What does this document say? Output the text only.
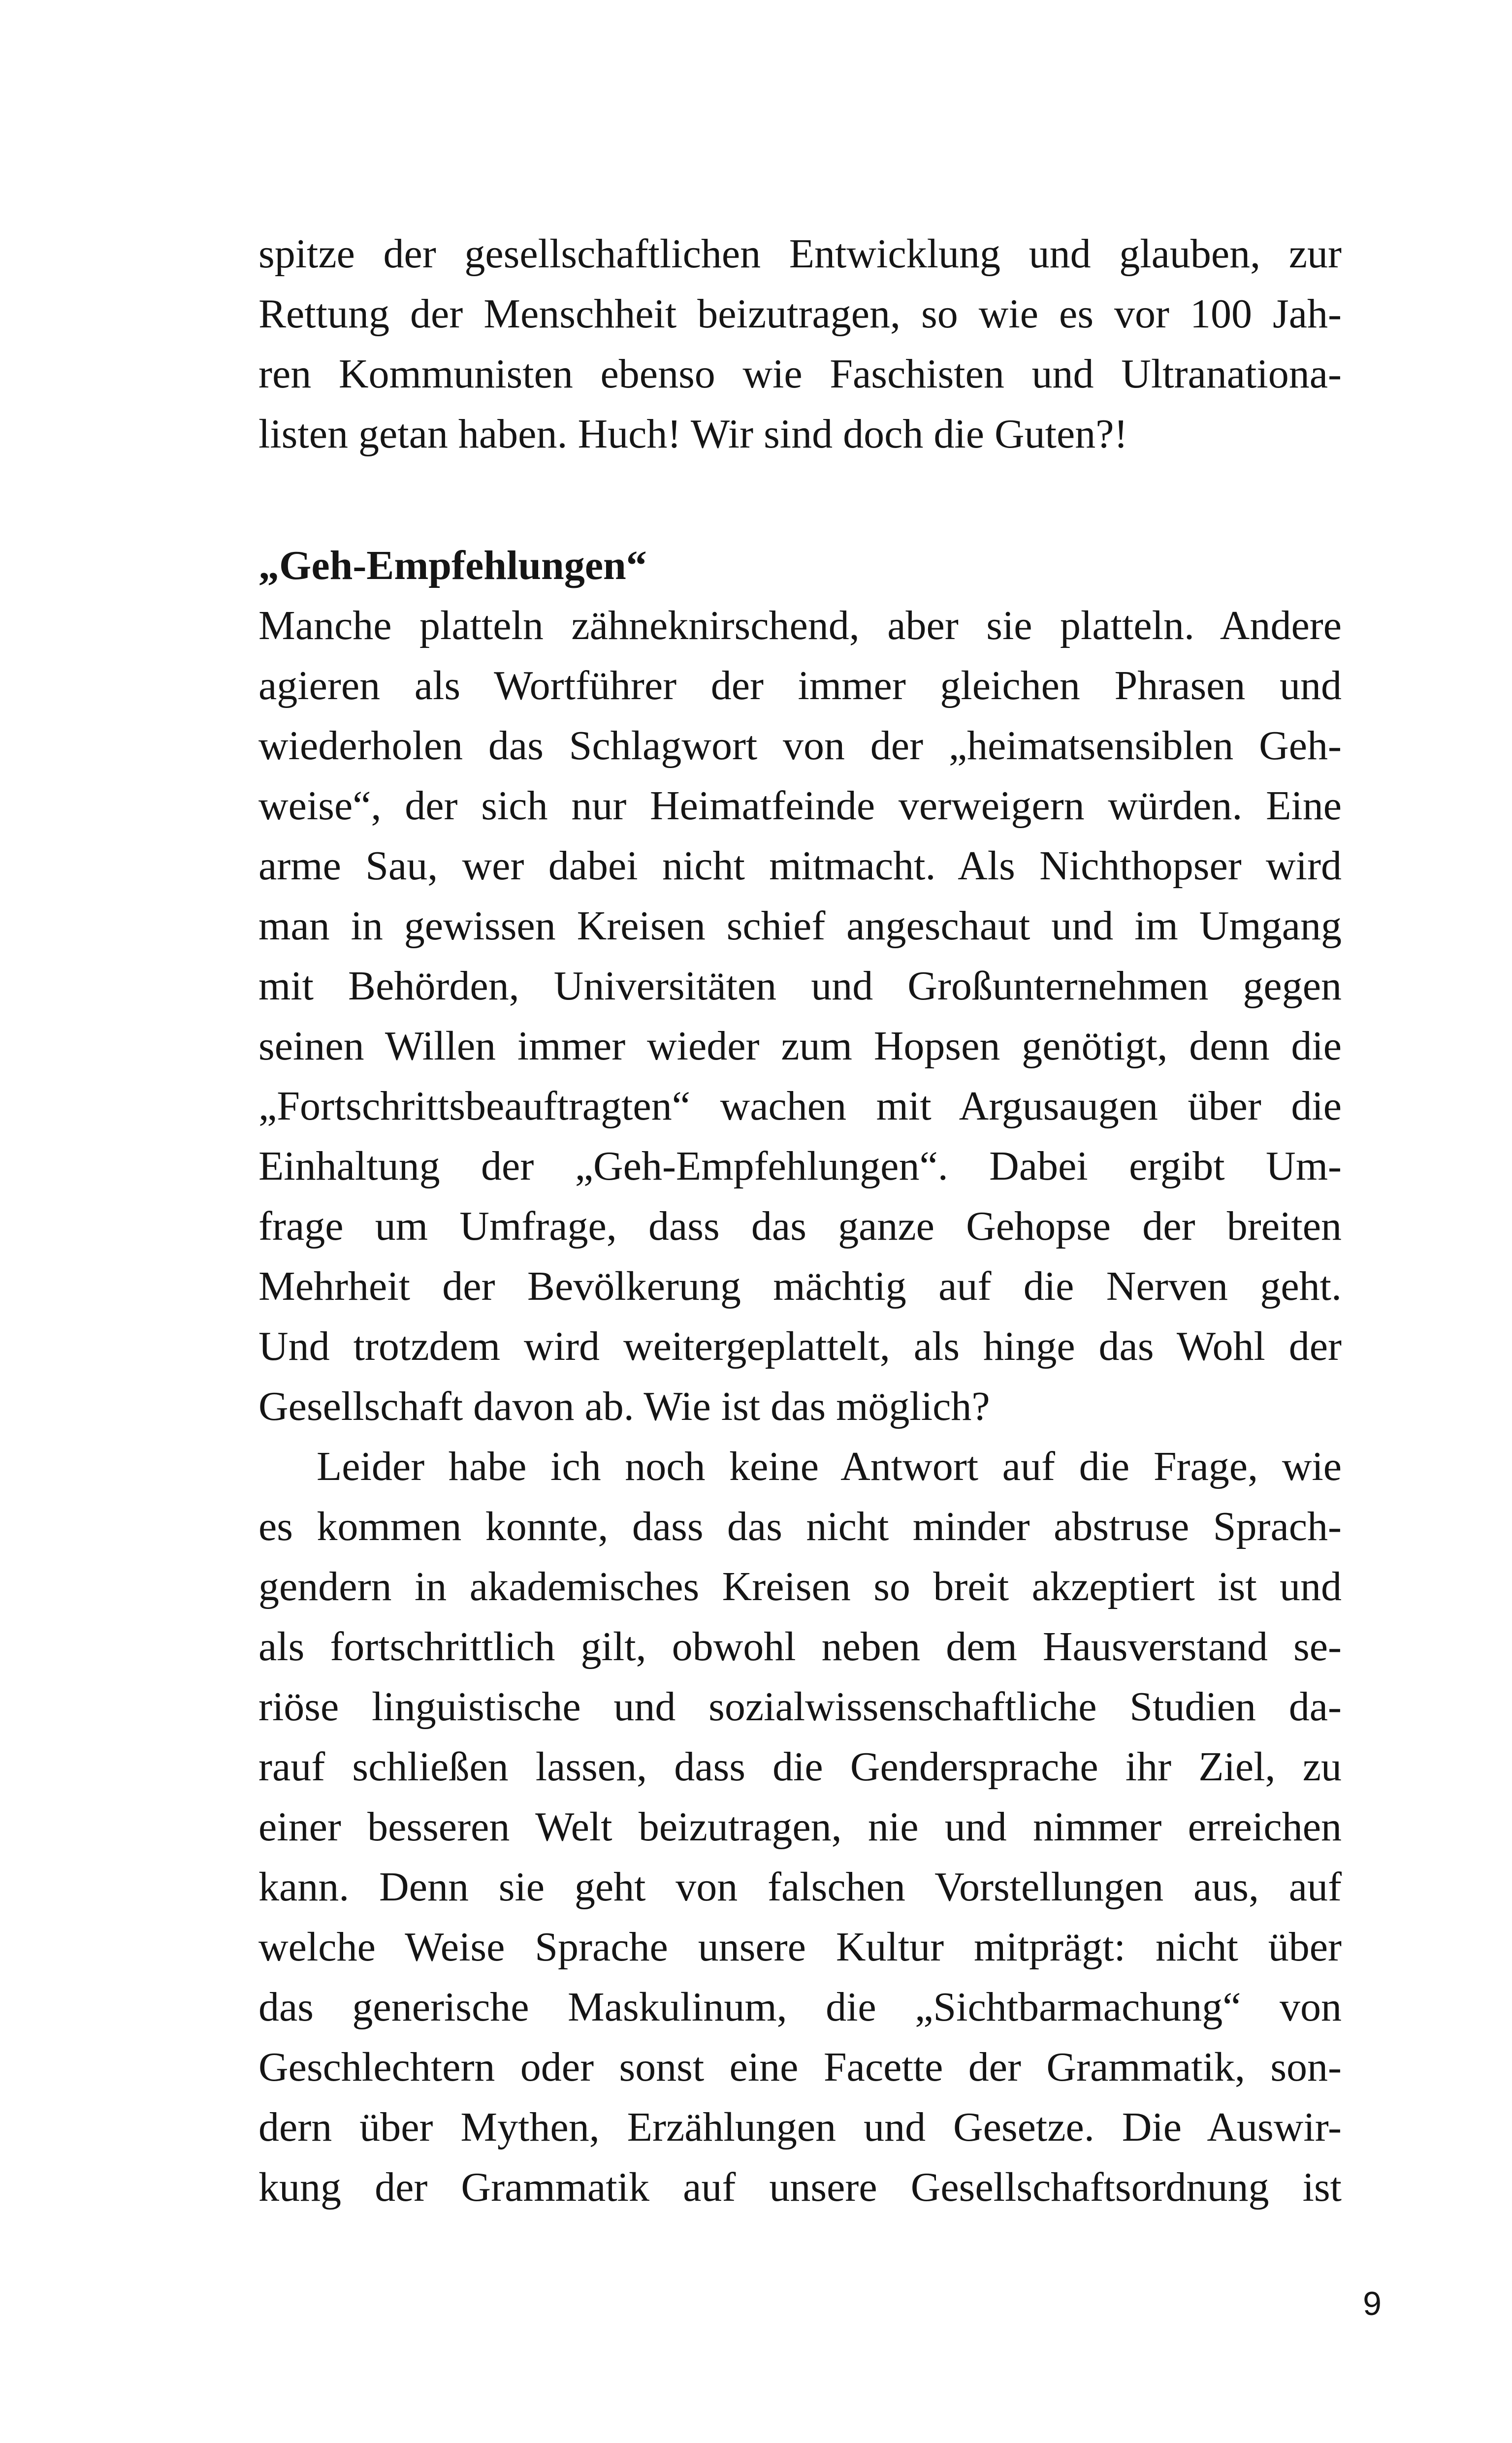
spitze der gesellschaftlichen Entwicklung und glauben, zur
Rettung der Menschheit beizutragen, so wie es vor 100 Jah-
ren Kommunisten ebenso wie Faschisten und Ultranationa-
listen getan haben. Huch! Wir sind doch die Guten?!
„Geh-Empfehlungen“
Manche platteln zähneknirschend, aber sie platteln. Andere
agieren als Wortführer der immer gleichen Phrasen und
wiederholen das Schlagwort von der „heimatsensiblen Geh-
weise“, der sich nur Heimatfeinde verweigern würden. Eine
arme Sau, wer dabei nicht mitmacht. Als Nichthopser wird
man in gewissen Kreisen schief angeschaut und im Umgang
mit Behörden, Universitäten und Großunternehmen gegen
seinen Willen immer wieder zum Hopsen genötigt, denn die
„Fortschrittsbeauftragten“ wachen mit Argusaugen über die
Einhaltung der „Geh-Empfehlungen“. Dabei ergibt Um-
frage um Umfrage, dass das ganze Gehopse der breiten
Mehrheit der Bevölkerung mächtig auf die Nerven geht.
Und trotzdem wird weitergeplattelt, als hinge das Wohl der
Gesellschaft davon ab. Wie ist das möglich?
Leider habe ich noch keine Antwort auf die Frage, wie
es kommen konnte, dass das nicht minder abstruse Sprach-
gendern in akademisches Kreisen so breit akzeptiert ist und
als fortschrittlich gilt, obwohl neben dem Hausverstand se-
riöse linguistische und sozialwissenschaftliche Studien da-
rauf schließen lassen, dass die Gendersprache ihr Ziel, zu
einer besseren Welt beizutragen, nie und nimmer erreichen
kann. Denn sie geht von falschen Vorstellungen aus, auf
welche Weise Sprache unsere Kultur mitprägt: nicht über
das generische Maskulinum, die „Sichtbarmachung“ von
Geschlechtern oder sonst eine Facette der Grammatik, son-
dern über Mythen, Erzählungen und Gesetze. Die Auswir-
kung der Grammatik auf unsere Gesellschaftsordnung ist
9
